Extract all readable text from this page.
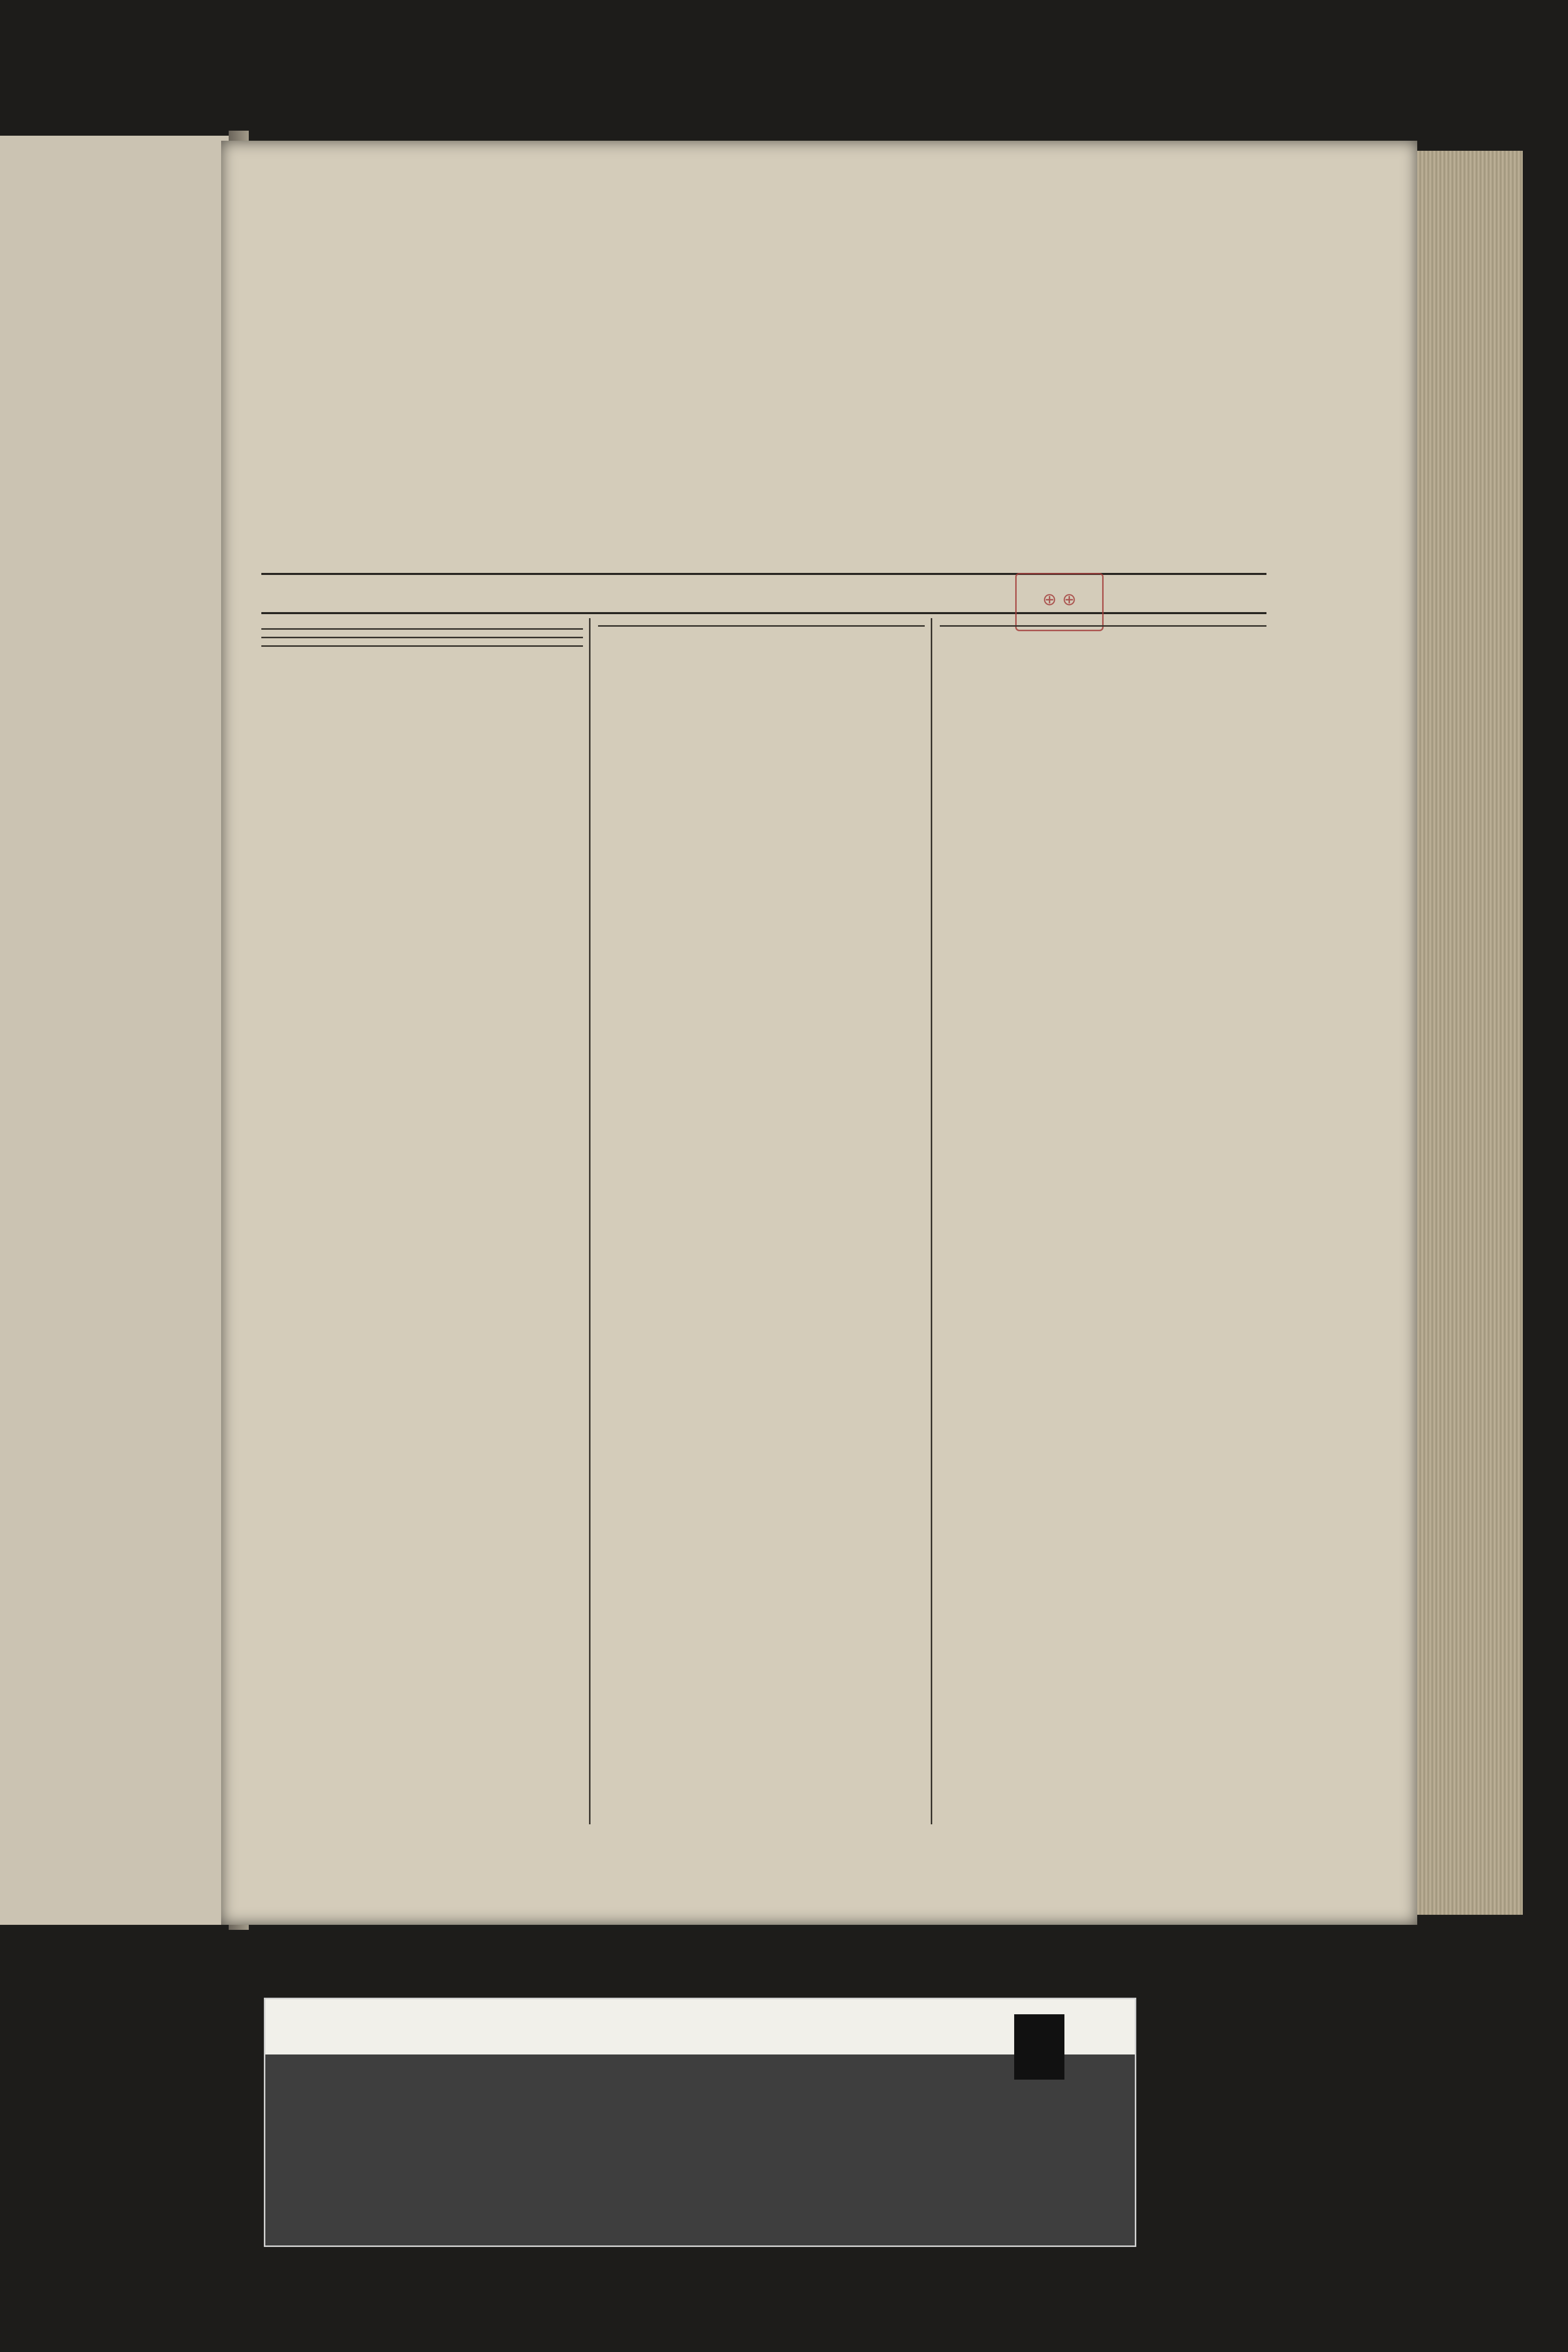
⊕ ⊕
